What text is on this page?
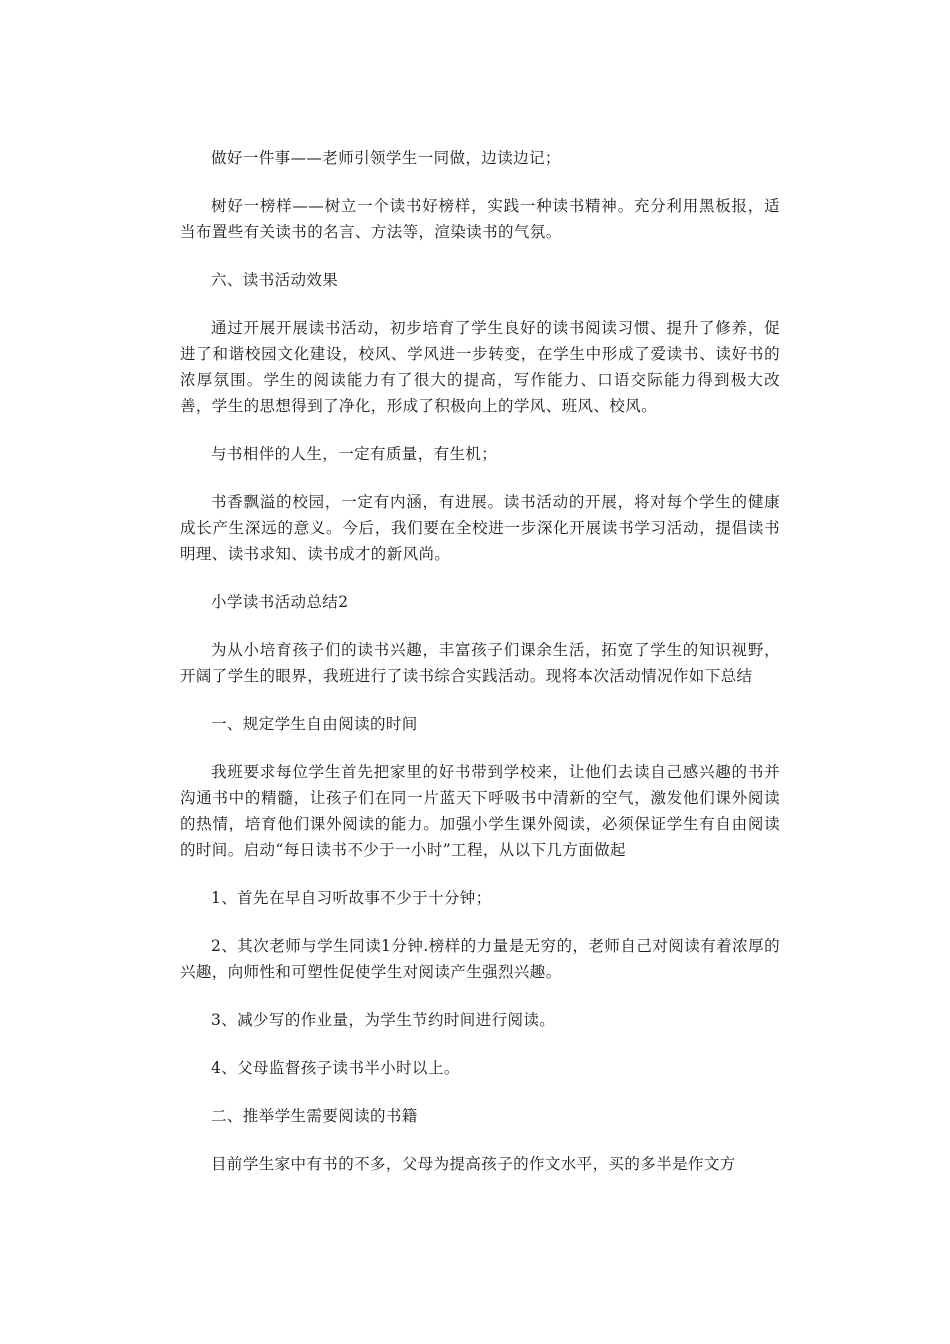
做好一件事——老师引领学生一同做，边读边记；

树好一榜样——树立一个读书好榜样，实践一种读书精神。充分利用黑板报，适当布置些有关读书的名言、方法等，渲染读书的气氛。

六、读书活动效果

通过开展开展读书活动，初步培育了学生良好的读书阅读习惯、提升了修养，促进了和谐校园文化建设，校风、学风进一步转变，在学生中形成了爱读书、读好书的浓厚氛围。学生的阅读能力有了很大的提高，写作能力、口语交际能力得到极大改善，学生的思想得到了净化，形成了积极向上的学风、班风、校风。

与书相伴的人生，一定有质量，有生机；

书香飘溢的校园，一定有内涵，有进展。读书活动的开展，将对每个学生的健康成长产生深远的意义。今后，我们要在全校进一步深化开展读书学习活动，提倡读书明理、读书求知、读书成才的新风尚。

小学读书活动总结2

为从小培育孩子们的读书兴趣，丰富孩子们课余生活，拓宽了学生的知识视野，开阔了学生的眼界，我班进行了读书综合实践活动。现将本次活动情况作如下总结

一、规定学生自由阅读的时间

我班要求每位学生首先把家里的好书带到学校来，让他们去读自己感兴趣的书并沟通书中的精髓，让孩子们在同一片蓝天下呼吸书中清新的空气，激发他们课外阅读的热情，培育他们课外阅读的能力。加强小学生课外阅读，必须保证学生有自由阅读的时间。启动“每日读书不少于一小时”工程，从以下几方面做起

1、首先在早自习听故事不少于十分钟；

2、其次老师与学生同读1分钟.榜样的力量是无穷的，老师自己对阅读有着浓厚的兴趣，向师性和可塑性促使学生对阅读产生强烈兴趣。

3、减少写的作业量，为学生节约时间进行阅读。

4、父母监督孩子读书半小时以上。

二、推举学生需要阅读的书籍

目前学生家中有书的不多，父母为提高孩子的作文水平，买的多半是作文方
